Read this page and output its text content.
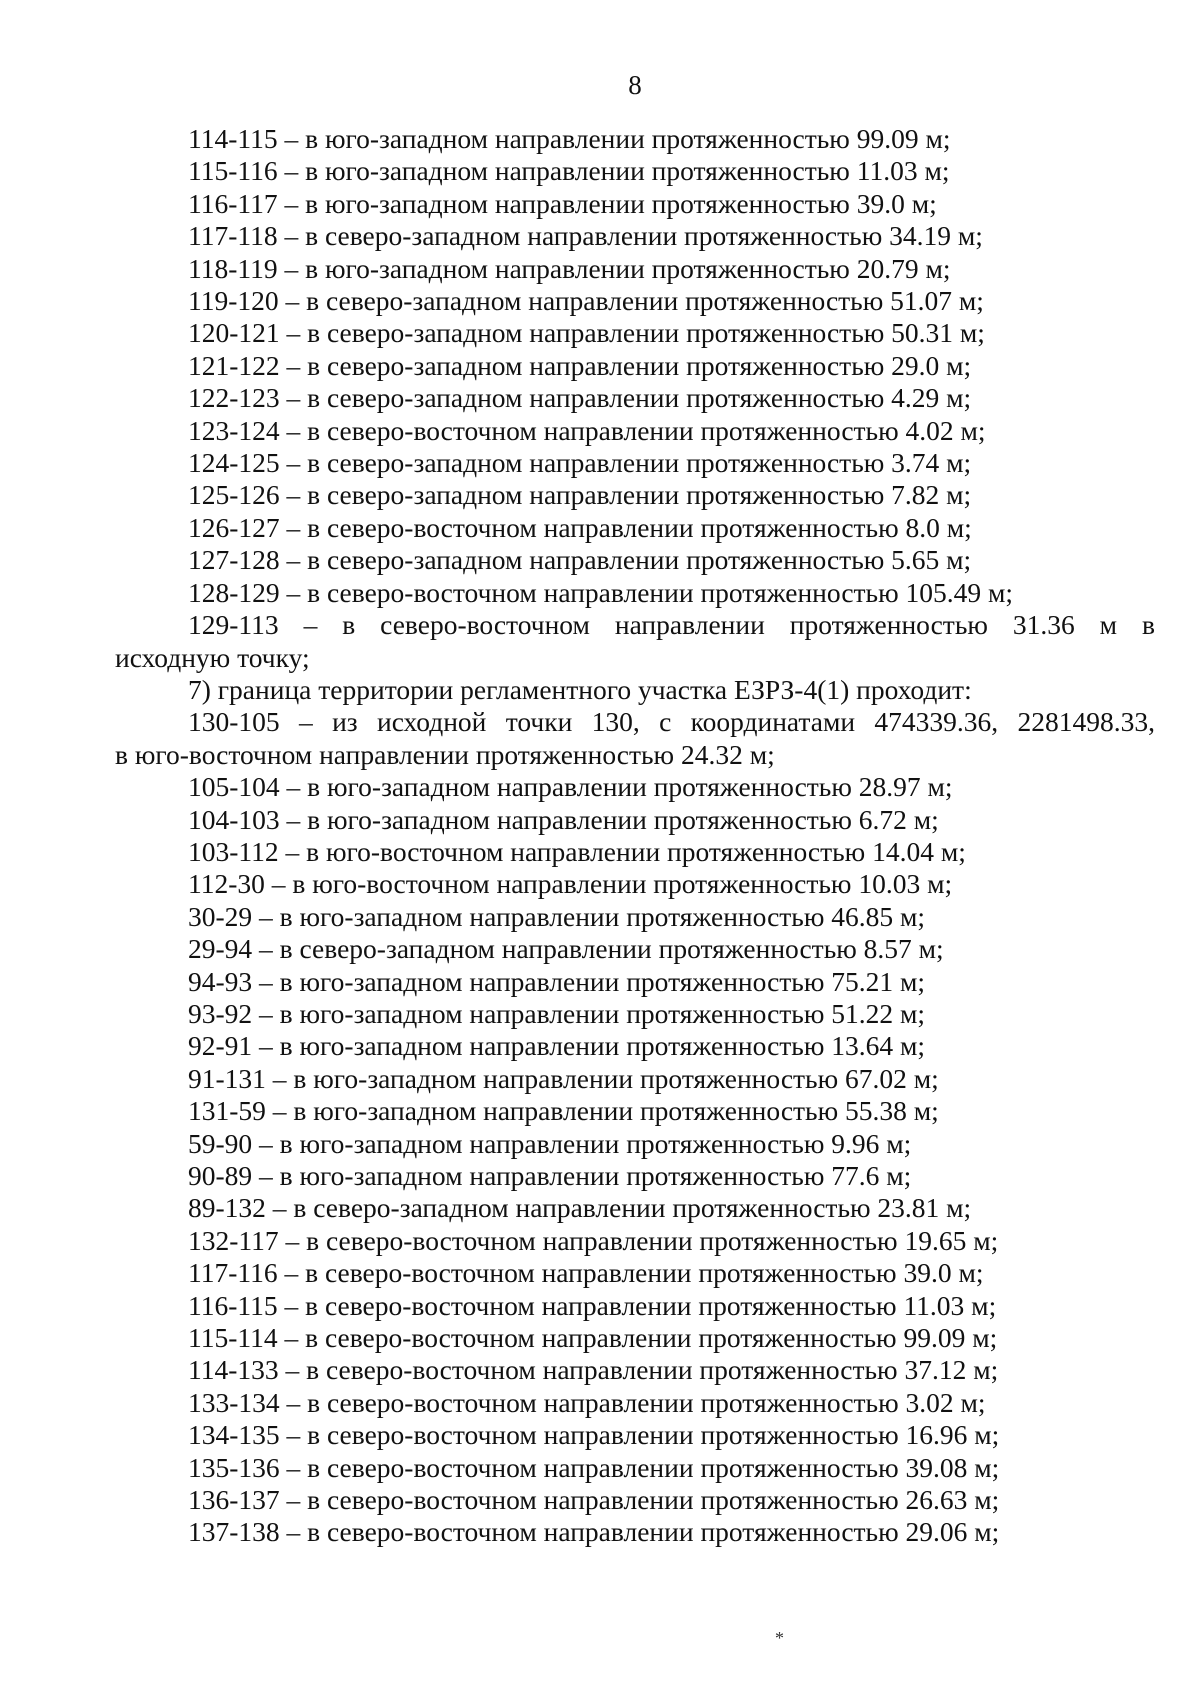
8
114-115 – в юго-западном направлении протяженностью 99.09 м;
115-116 – в юго-западном направлении протяженностью 11.03 м;
116-117 – в юго-западном направлении протяженностью 39.0 м;
117-118 – в северо-западном направлении протяженностью 34.19 м;
118-119 – в юго-западном направлении протяженностью 20.79 м;
119-120 – в северо-западном направлении протяженностью 51.07 м;
120-121 – в северо-западном направлении протяженностью 50.31 м;
121-122 – в северо-западном направлении протяженностью 29.0 м;
122-123 – в северо-западном направлении протяженностью 4.29 м;
123-124 – в северо-восточном направлении протяженностью 4.02 м;
124-125 – в северо-западном направлении протяженностью 3.74 м;
125-126 – в северо-западном направлении протяженностью 7.82 м;
126-127 – в северо-восточном направлении протяженностью 8.0 м;
127-128 – в северо-западном направлении протяженностью 5.65 м;
128-129 – в северо-восточном направлении протяженностью 105.49 м;
129-113 – в северо-восточном направлении протяженностью 31.36 м в
исходную точку;
7) граница территории регламентного участка ЕЗРЗ-4(1) проходит:
130-105 – из исходной точки 130, с координатами 474339.36, 2281498.33,
в юго-восточном направлении протяженностью 24.32 м;
105-104 – в юго-западном направлении протяженностью 28.97 м;
104-103 – в юго-западном направлении протяженностью 6.72 м;
103-112 – в юго-восточном направлении протяженностью 14.04 м;
112-30 – в юго-восточном направлении протяженностью 10.03 м;
30-29 – в юго-западном направлении протяженностью 46.85 м;
29-94 – в северо-западном направлении протяженностью 8.57 м;
94-93 – в юго-западном направлении протяженностью 75.21 м;
93-92 – в юго-западном направлении протяженностью 51.22 м;
92-91 – в юго-западном направлении протяженностью 13.64 м;
91-131 – в юго-западном направлении протяженностью 67.02 м;
131-59 – в юго-западном направлении протяженностью 55.38 м;
59-90 – в юго-западном направлении протяженностью 9.96 м;
90-89 – в юго-западном направлении протяженностью 77.6 м;
89-132 – в северо-западном направлении протяженностью 23.81 м;
132-117 – в северо-восточном направлении протяженностью 19.65 м;
117-116 – в северо-восточном направлении протяженностью 39.0 м;
116-115 – в северо-восточном направлении протяженностью 11.03 м;
115-114 – в северо-восточном направлении протяженностью 99.09 м;
114-133 – в северо-восточном направлении протяженностью 37.12 м;
133-134 – в северо-восточном направлении протяженностью 3.02 м;
134-135 – в северо-восточном направлении протяженностью 16.96 м;
135-136 – в северо-восточном направлении протяженностью 39.08 м;
136-137 – в северо-восточном направлении протяженностью 26.63 м;
137-138 – в северо-восточном направлении протяженностью 29.06 м;
*
